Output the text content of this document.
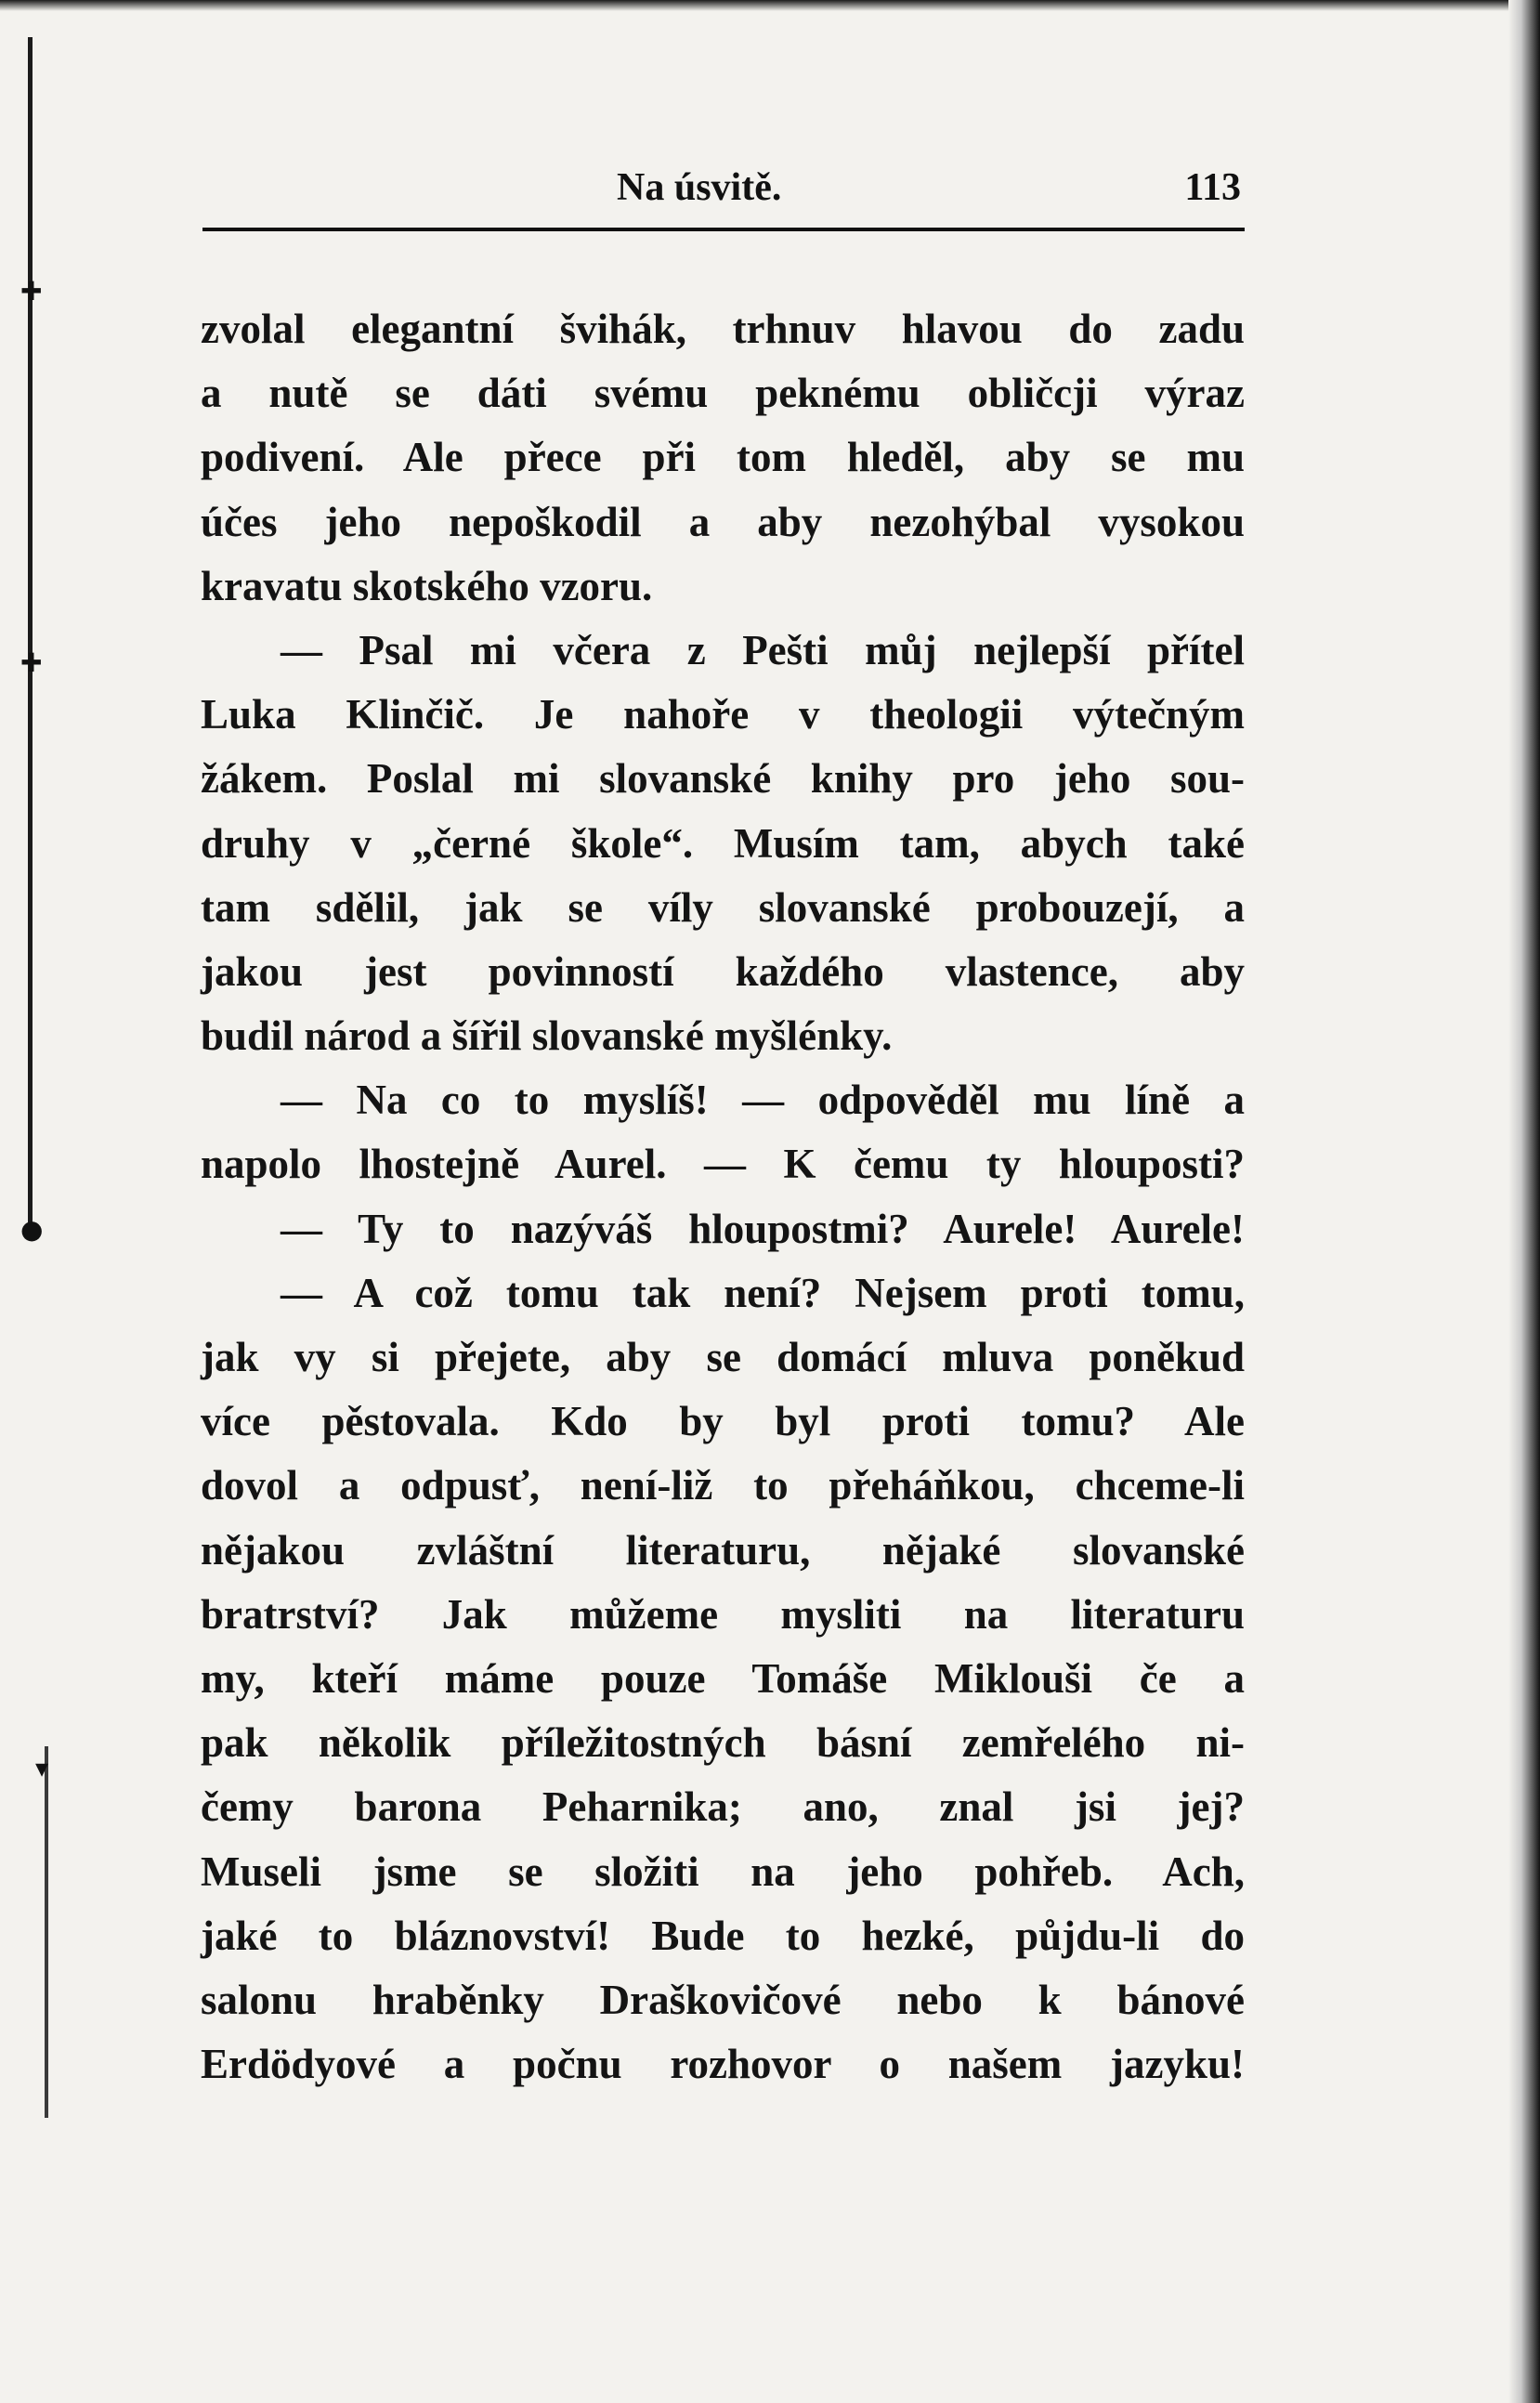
✚
✚
●
▾
Na úsvitě.	113
zvolal elegantní švihák, trhnuv hlavou do zadu
a nutě se dáti svému peknému obličcji výraz
podivení. Ale přece při tom hleděl, aby se mu
účes jeho nepoškodil a aby nezohýbal vysokou
kravatu skotského vzoru.
— Psal mi včera z Pešti můj nejlepší přítel
Luka Klinčič. Je nahoře v theologii výtečným
žákem. Poslal mi slovanské knihy pro jeho sou-
druhy v „černé škole“. Musím tam, abych také
tam sdělil, jak se víly slovanské probouzejí, a
jakou jest povinností každého vlastence, aby
budil národ a šířil slovanské myšlénky.
— Na co to myslíš! — odpověděl mu líně a
napolo lhostejně Aurel. — K čemu ty hlouposti?
— Ty to nazýváš hloupostmi? Aurele! Aurele!
— A což tomu tak není? Nejsem proti tomu,
jak vy si přejete, aby se domácí mluva poněkud
více pěstovala. Kdo by byl proti tomu? Ale
dovol a odpusť, není-liž to přeháňkou, chceme-li
nějakou zvláštní literaturu, nějaké slovanské
bratrství? Jak můžeme mysliti na literaturu
my, kteří máme pouze Tomáše Miklouši če a
pak několik příležitostných básní zemřelého ni-
čemy barona Peharnika; ano, znal jsi jej?
Museli jsme se složiti na jeho pohřeb. Ach,
jaké to bláznovství! Bude to hezké, půjdu-li do
salonu hraběnky Draškovičové nebo k bánové
Erdödyové a počnu rozhovor o našem jazyku!
